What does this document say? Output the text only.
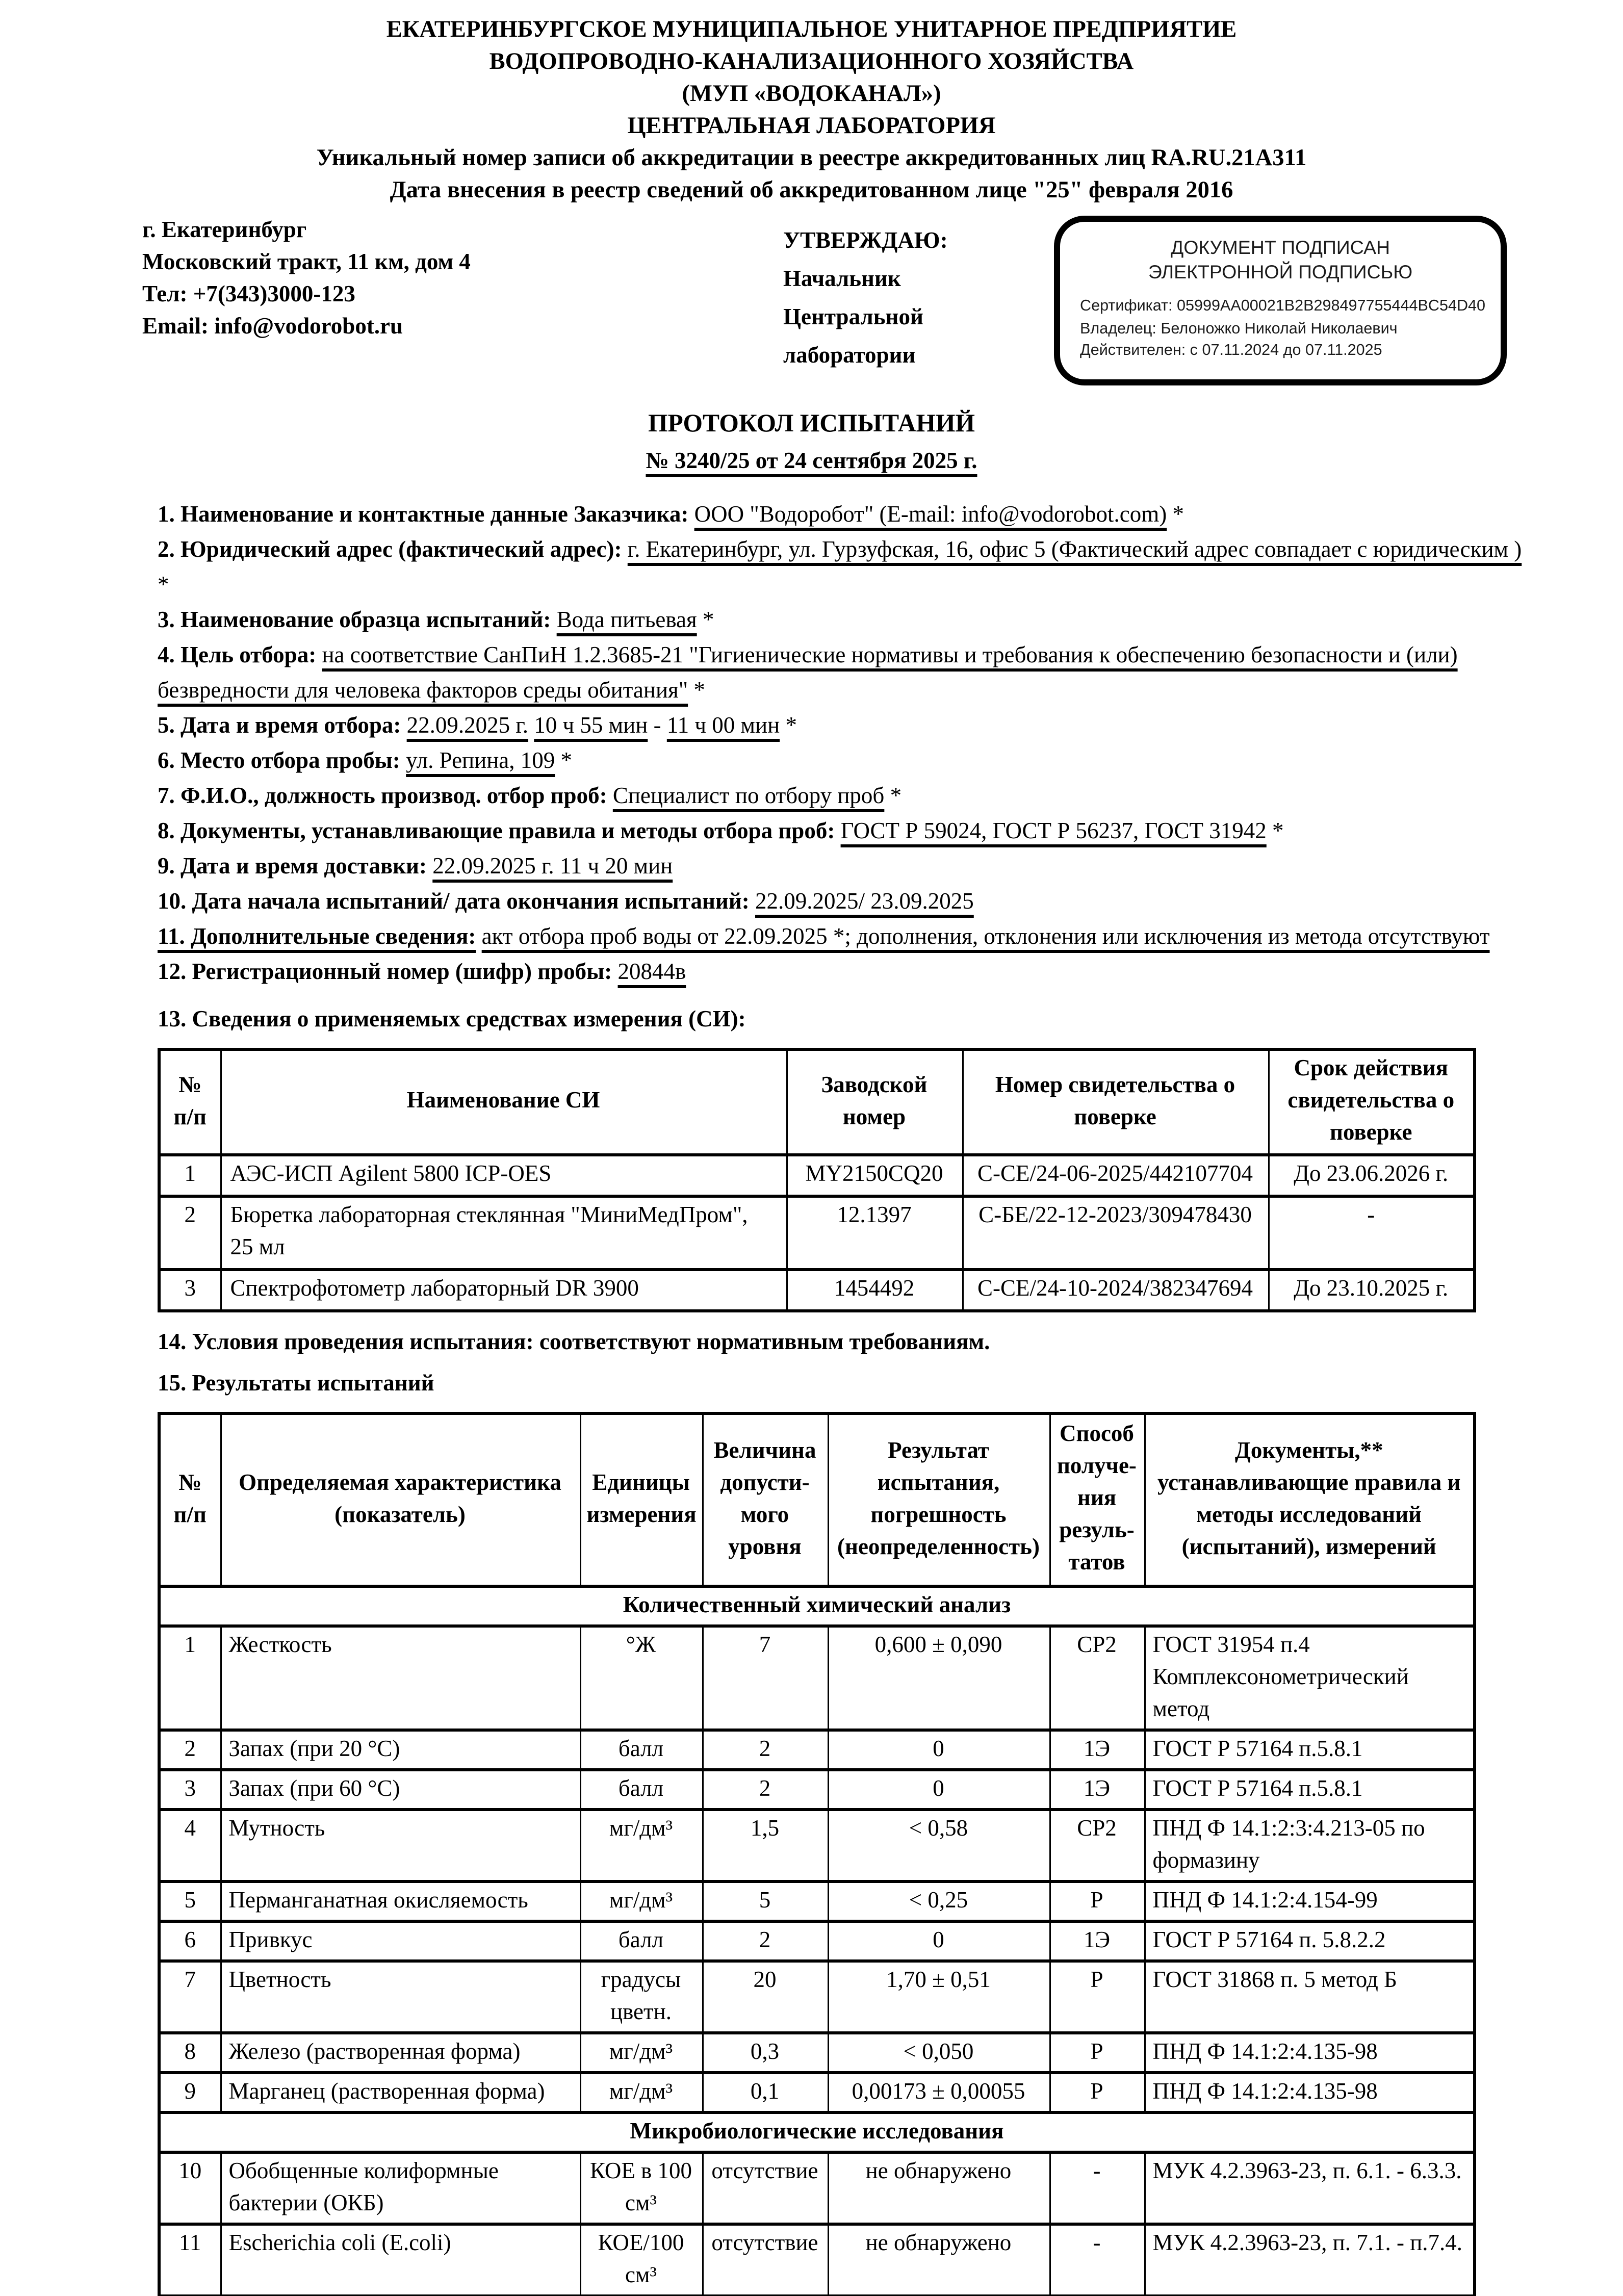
ЕКАТЕРИНБУРГСКОЕ МУНИЦИПАЛЬНОЕ УНИТАРНОЕ ПРЕДПРИЯТИЕ
ВОДОПРОВОДНО-КАНАЛИЗАЦИОННОГО ХОЗЯЙСТВА
(МУП «ВОДОКАНАЛ»)
ЦЕНТРАЛЬНАЯ ЛАБОРАТОРИЯ
Уникальный номер записи об аккредитации в реестре аккредитованных лиц RA.RU.21А311
Дата внесения в реестр сведений об аккредитованном лице "25" февраля 2016
г. Екатеринбург
Московский тракт, 11 км, дом 4
Тел: +7(343)3000-123
Email: info@vodorobot.ru
УТВЕРЖДАЮ:
Начальник Центральной лаборатории
ДОКУМЕНТ ПОДПИСАН
ЭЛЕКТРОННОЙ ПОДПИСЬЮ
Сертификат: 05999AA00021B2B298497755444BC54D40
Владелец: Белоножко Николай Николаевич
Действителен: с 07.11.2024 до 07.11.2025
ПРОТОКОЛ ИСПЫТАНИЙ
№ 3240/25 от 24 сентября 2025 г.

1. Наименование и контактные данные Заказчика: ООО "Водоробот" (E-mail: info@vodorobot.com) *

2. Юридический адрес (фактический адрес): г. Екатеринбург, ул. Гурзуфская, 16, офис 5 (Фактический адрес совпадает с юридическим ) *

3. Наименование образца испытаний: Вода питьевая *

4. Цель отбора: на соответствие СанПиН 1.2.3685-21 "Гигиенические нормативы и требования к обеспечению безопасности и (или) безвредности для человека факторов среды обитания" *

5. Дата и время отбора: 22.09.2025 г. 10 ч 55 мин - 11 ч 00 мин *

6. Место отбора пробы: ул. Репина, 109 *

7. Ф.И.О., должность производ. отбор проб: Специалист по отбору проб *

8. Документы, устанавливающие правила и методы отбора проб: ГОСТ Р 59024, ГОСТ Р 56237, ГОСТ 31942 *

9. Дата и время доставки: 22.09.2025 г. 11 ч 20 мин

10. Дата начала испытаний/ дата окончания испытаний: 22.09.2025/ 23.09.2025

11. Дополнительные сведения: акт отбора проб воды от 22.09.2025 *; дополнения, отклонения или исключения из метода отсутствуют

12. Регистрационный номер (шифр) пробы: 20844в

13. Сведения о применяемых средствах измерения (СИ):

№ п/п	Наименование СИ	Заводской номер	Номер свидетельства о поверке	Срок действия свидетельства о поверке
1	АЭС-ИСП Agilent 5800 ICP-OES	MY2150CQ20	С-СЕ/24-06-2025/442107704	До 23.06.2026 г.
2	Бюретка лабораторная стеклянная "МиниМедПром", 25 мл	12.1397	С-БЕ/22-12-2023/309478430	-
3	Спектрофотометр лабораторный DR 3900	1454492	С-СЕ/24-10-2024/382347694	До 23.10.2025 г.

14. Условия проведения испытания: соответствуют нормативным требованиям.

15. Результаты испытаний

№ п/п	Определяемая характеристика (показатель)	Единицы измерения	Величина допусти-мого уровня	Результат испытания, погрешность (неопределенность)	Способ получе-ния резуль-татов	Документы,** устанавливающие правила и методы исследований (испытаний), измерений
Количественный химический анализ						
1	Жесткость	°Ж	7	0,600 ± 0,090	СР2	ГОСТ 31954 п.4 Комплексонометрический метод
2	Запах (при 20 °С)	балл	2	0	1Э	ГОСТ Р 57164 п.5.8.1
3	Запах (при 60 °С)	балл	2	0	1Э	ГОСТ Р 57164 п.5.8.1
4	Мутность	мг/дм³	1,5	< 0,58	СР2	ПНД Ф 14.1:2:3:4.213-05 по формазину
5	Перманганатная окисляемость	мг/дм³	5	< 0,25	Р	ПНД Ф 14.1:2:4.154-99
6	Привкус	балл	2	0	1Э	ГОСТ Р 57164 п. 5.8.2.2
7	Цветность	градусы цветн.	20	1,70 ± 0,51	Р	ГОСТ 31868 п. 5 метод Б
8	Железо (растворенная форма)	мг/дм³	0,3	< 0,050	Р	ПНД Ф 14.1:2:4.135-98
9	Марганец (растворенная форма)	мг/дм³	0,1	0,00173 ± 0,00055	Р	ПНД Ф 14.1:2:4.135-98
Микробиологические исследования						
10	Обобщенные колиформные бактерии (ОКБ)	КОЕ в 100 см³	отсутствие	не обнаружено	-	МУК 4.2.3963-23, п. 6.1. - 6.3.3.
11	Escherichia coli (E.coli)	КОЕ/100 см³	отсутствие	не обнаружено	-	МУК 4.2.3963-23, п. 7.1. - п.7.4.
